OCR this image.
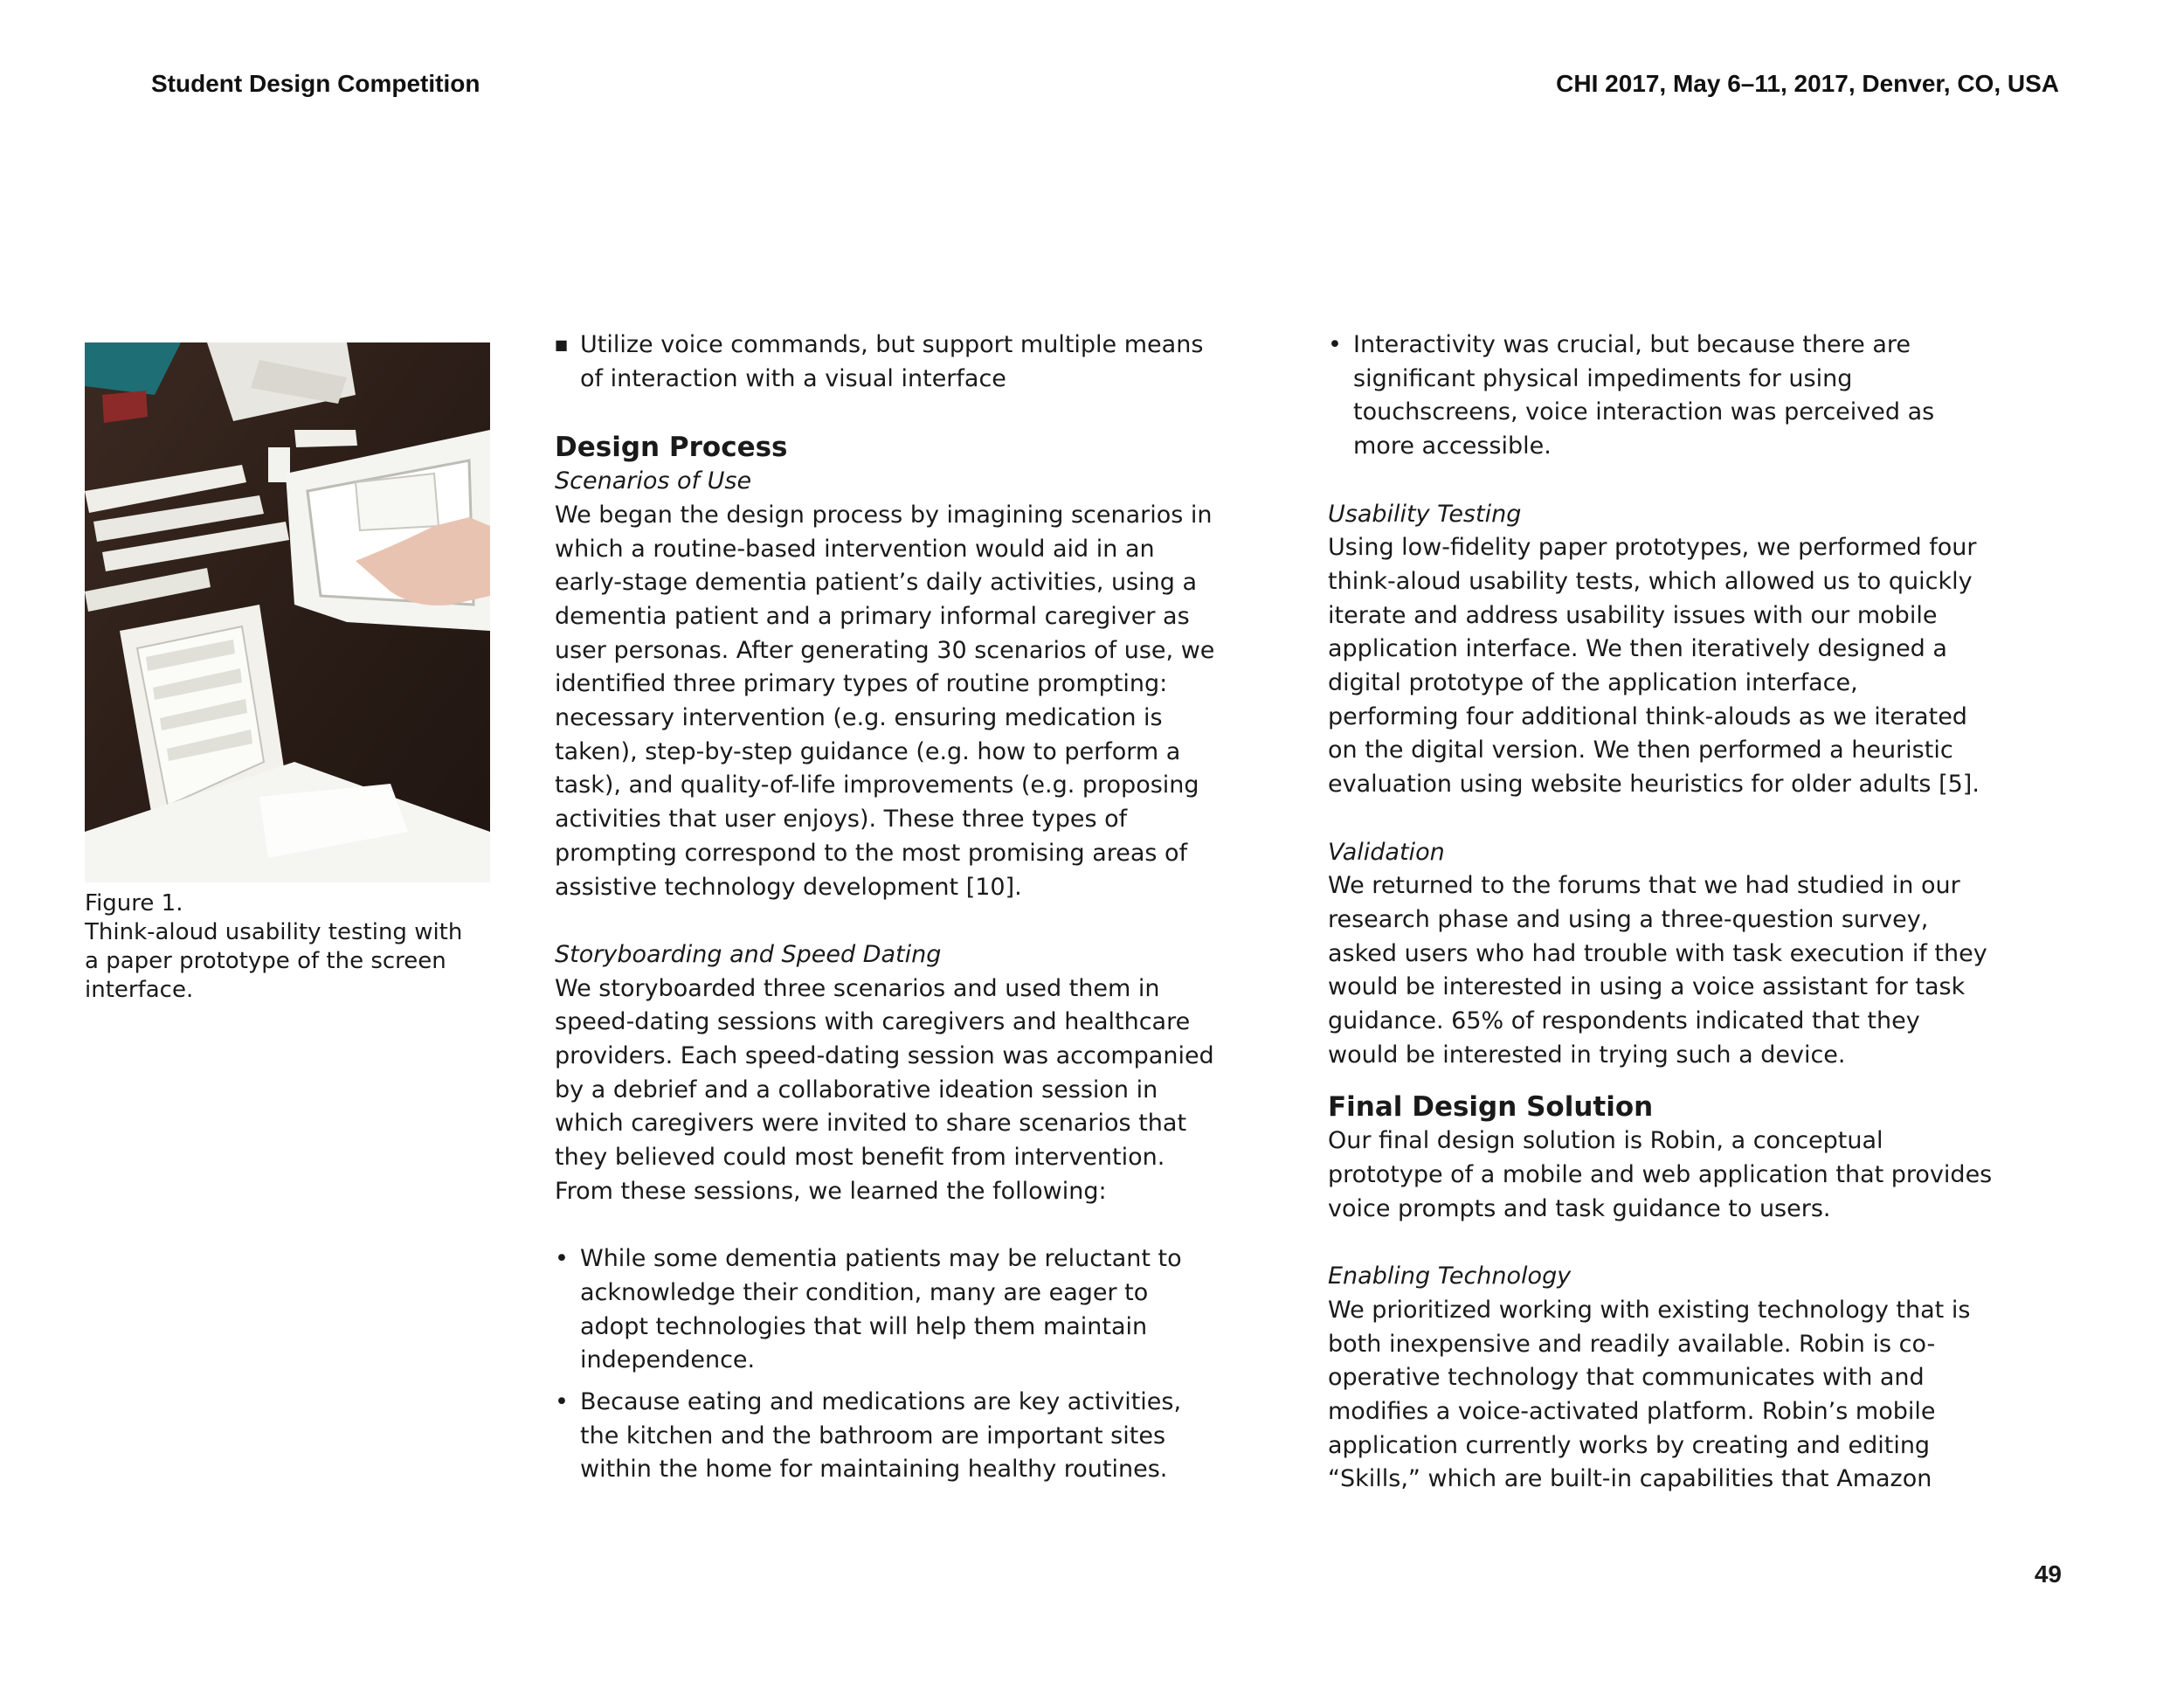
Student Design Competition	CHI 2017, May 6–11, 2017, Denver, CO, USA
Figure 1.
Think-aloud usability testing with
a paper prototype of the screen
interface.
■ Utilize voice commands, but support multiple means

of interaction with a visual interface

Design Process

Scenarios of Use

We began the design process by imagining scenarios in

which a routine-based intervention would aid in an

early-stage dementia patient’s daily activities, using a

dementia patient and a primary informal caregiver as

user personas. After generating 30 scenarios of use, we

identified three primary types of routine prompting:

necessary intervention (e.g. ensuring medication is

taken), step-by-step guidance (e.g. how to perform a

task), and quality-of-life improvements (e.g. proposing

activities that user enjoys). These three types of

prompting correspond to the most promising areas of

assistive technology development [10].

Storyboarding and Speed Dating

We storyboarded three scenarios and used them in

speed-dating sessions with caregivers and healthcare

providers. Each speed-dating session was accompanied

by a debrief and a collaborative ideation session in

which caregivers were invited to share scenarios that

they believed could most benefit from intervention.

From these sessions, we learned the following:

• While some dementia patients may be reluctant to

acknowledge their condition, many are eager to

adopt technologies that will help them maintain

independence.

• Because eating and medications are key activities,

the kitchen and the bathroom are important sites

within the home for maintaining healthy routines.

• Interactivity was crucial, but because there are

significant physical impediments for using

touchscreens, voice interaction was perceived as

more accessible.

Usability Testing

Using low-fidelity paper prototypes, we performed four

think-aloud usability tests, which allowed us to quickly

iterate and address usability issues with our mobile

application interface. We then iteratively designed a

digital prototype of the application interface,

performing four additional think-alouds as we iterated

on the digital version. We then performed a heuristic

evaluation using website heuristics for older adults [5].

Validation

We returned to the forums that we had studied in our

research phase and using a three-question survey,

asked users who had trouble with task execution if they

would be interested in using a voice assistant for task

guidance. 65% of respondents indicated that they

would be interested in trying such a device.

Final Design Solution

Our final design solution is Robin, a conceptual

prototype of a mobile and web application that provides

voice prompts and task guidance to users.

Enabling Technology

We prioritized working with existing technology that is

both inexpensive and readily available. Robin is co-

operative technology that communicates with and

modifies a voice-activated platform. Robin’s mobile

application currently works by creating and editing

“Skills,” which are built-in capabilities that Amazon

49
